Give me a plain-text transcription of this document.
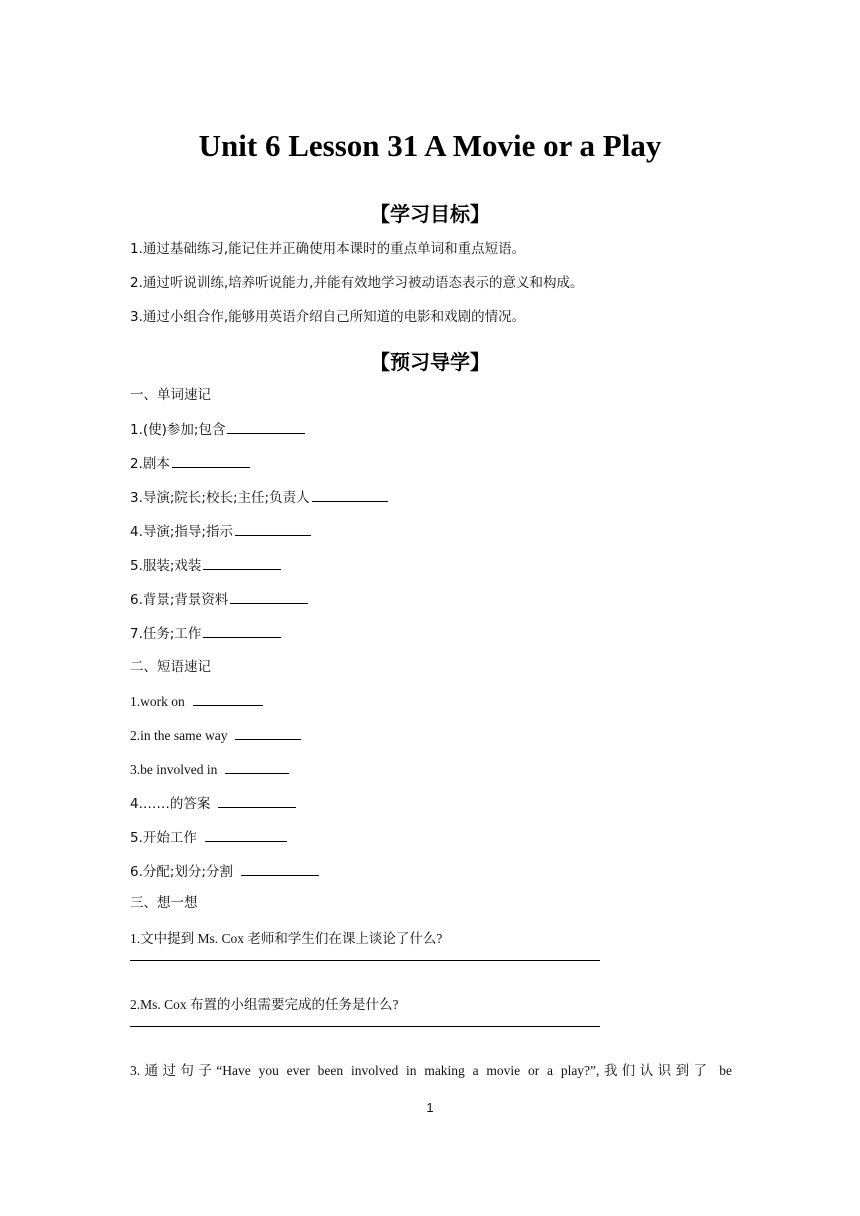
Unit 6 Lesson 31 A Movie or a Play
【学习目标】
1.通过基础练习,能记住并正确使用本课时的重点单词和重点短语。
2.通过听说训练,培养听说能力,并能有效地学习被动语态表示的意义和构成。
3.通过小组合作,能够用英语介绍自己所知道的电影和戏剧的情况。
【预习导学】
一、单词速记
1.(使)参加;包含
2.剧本
3.导演;院长;校长;主任;负责人
4.导演;指导;指示
5.服装;戏装
6.背景;背景资料
7.任务;工作
二、短语速记
1.work on
2.in the same way
3.be involved in
4.……的答案
5.开始工作
6.分配;划分;分割
三、想一想
1.文中提到 Ms. Cox 老师和学生们在课上谈论了什么?
2.Ms. Cox 布置的小组需要完成的任务是什么?
3.通过句子“Have you ever been involved in making a movie or a play?”,我们认识到了 be
1
